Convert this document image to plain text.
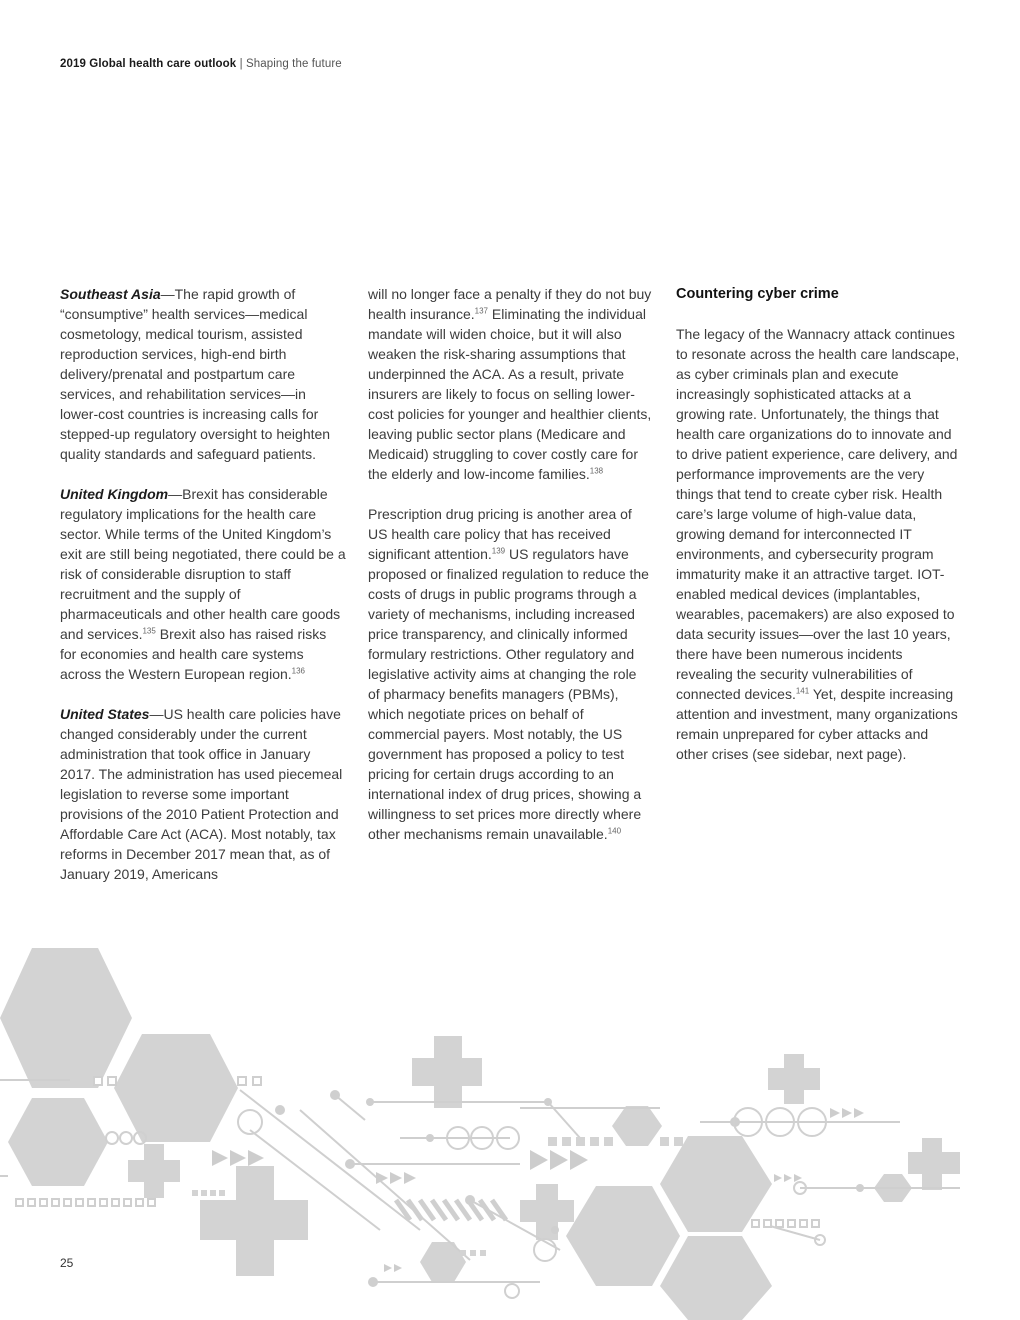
2019 Global health care outlook | Shaping the future

Southeast Asia—The rapid growth of “consumptive” health services—medical cosmetology, medical tourism, assisted reproduction services, high-end birth delivery/prenatal and postpartum care services, and rehabilitation services—in lower-cost countries is increasing calls for stepped-up regulatory oversight to heighten quality standards and safeguard patients.

United Kingdom—Brexit has considerable regulatory implications for the health care sector. While terms of the United Kingdom’s exit are still being negotiated, there could be a risk of considerable disruption to staff recruitment and the supply of pharmaceuticals and other health care goods and services.$^{135}$ Brexit also has raised risks for economies and health care systems across the Western European region.$^{136}$

United States—US health care policies have changed considerably under the current administration that took office in January 2017. The administration has used piecemeal legislation to reverse some important provisions of the 2010 Patient Protection and Affordable Care Act (ACA). Most notably, tax reforms in December 2017 mean that, as of January 2019, Americans

will no longer face a penalty if they do not buy health insurance.$^{137}$ Eliminating the individual mandate will widen choice, but it will also weaken the risk-sharing assumptions that underpinned the ACA. As a result, private insurers are likely to focus on selling lower-cost policies for younger and healthier clients, leaving public sector plans (Medicare and Medicaid) struggling to cover costly care for the elderly and low-income families.$^{138}$

Prescription drug pricing is another area of US health care policy that has received significant attention.$^{139}$ US regulators have proposed or finalized regulation to reduce the costs of drugs in public programs through a variety of mechanisms, including increased price transparency, and clinically informed formulary restrictions. Other regulatory and legislative activity aims at changing the role of pharmacy benefits managers (PBMs), which negotiate prices on behalf of commercial payers. Most notably, the US government has proposed a policy to test pricing for certain drugs according to an international index of drug prices, showing a willingness to set prices more directly where other mechanisms remain unavailable.$^{140}$

Countering cyber crime

The legacy of the Wannacry attack continues to resonate across the health care landscape, as cyber criminals plan and execute increasingly sophisticated attacks at a growing rate. Unfortunately, the things that health care organizations do to innovate and to drive patient experience, care delivery, and performance improvements are the very things that tend to create cyber risk. Health care’s large volume of high-value data, growing demand for interconnected IT environments, and cybersecurity program immaturity make it an attractive target. IOT-enabled medical devices (implantables, wearables, pacemakers) are also exposed to data security issues—over the last 10 years, there have been numerous incidents revealing the security vulnerabilities of connected devices.$^{141}$ Yet, despite increasing attention and investment, many organizations remain unprepared for cyber attacks and other crises (see sidebar, next page).

25
